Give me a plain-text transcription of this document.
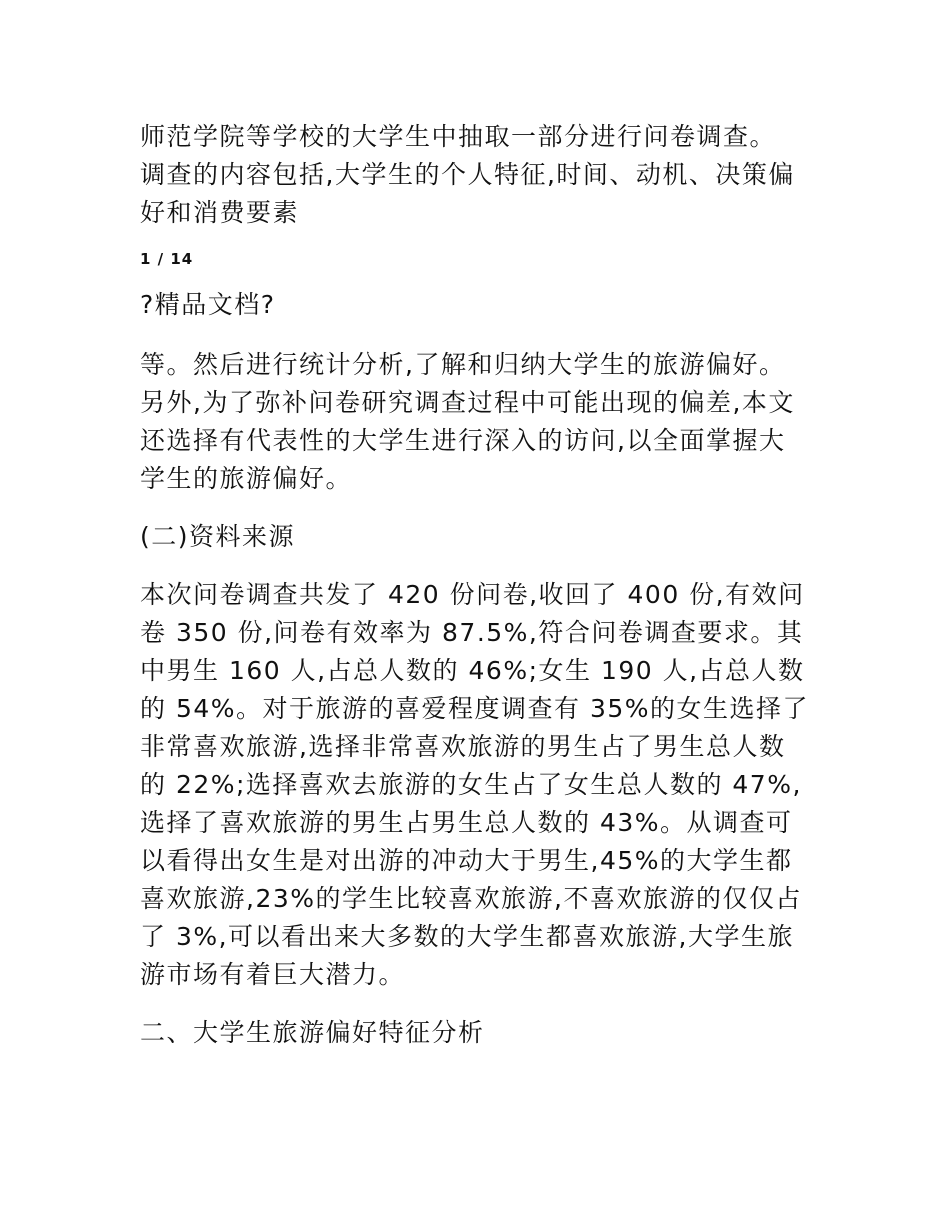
师范学院等学校的大学生中抽取一部分进行问卷调查。
调查的内容包括,大学生的个人特征,时间、动机、决策偏
好和消费要素

1 / 14

?精品文档?

等。然后进行统计分析,了解和归纳大学生的旅游偏好。
另外,为了弥补问卷研究调查过程中可能出现的偏差,本文
还选择有代表性的大学生进行深入的访问,以全面掌握大
学生的旅游偏好。

(二)资料来源

本次问卷调查共发了 420 份问卷,收回了 400 份,有效问
卷 350 份,问卷有效率为 87.5%,符合问卷调查要求。其
中男生 160 人,占总人数的 46%;女生 190 人,占总人数
的 54%。对于旅游的喜爱程度调查有 35%的女生选择了
非常喜欢旅游,选择非常喜欢旅游的男生占了男生总人数
的 22%;选择喜欢去旅游的女生占了女生总人数的 47%,
选择了喜欢旅游的男生占男生总人数的 43%。从调查可
以看得出女生是对出游的冲动大于男生,45%的大学生都
喜欢旅游,23%的学生比较喜欢旅游,不喜欢旅游的仅仅占
了 3%,可以看出来大多数的大学生都喜欢旅游,大学生旅
游市场有着巨大潜力。

二、大学生旅游偏好特征分析
